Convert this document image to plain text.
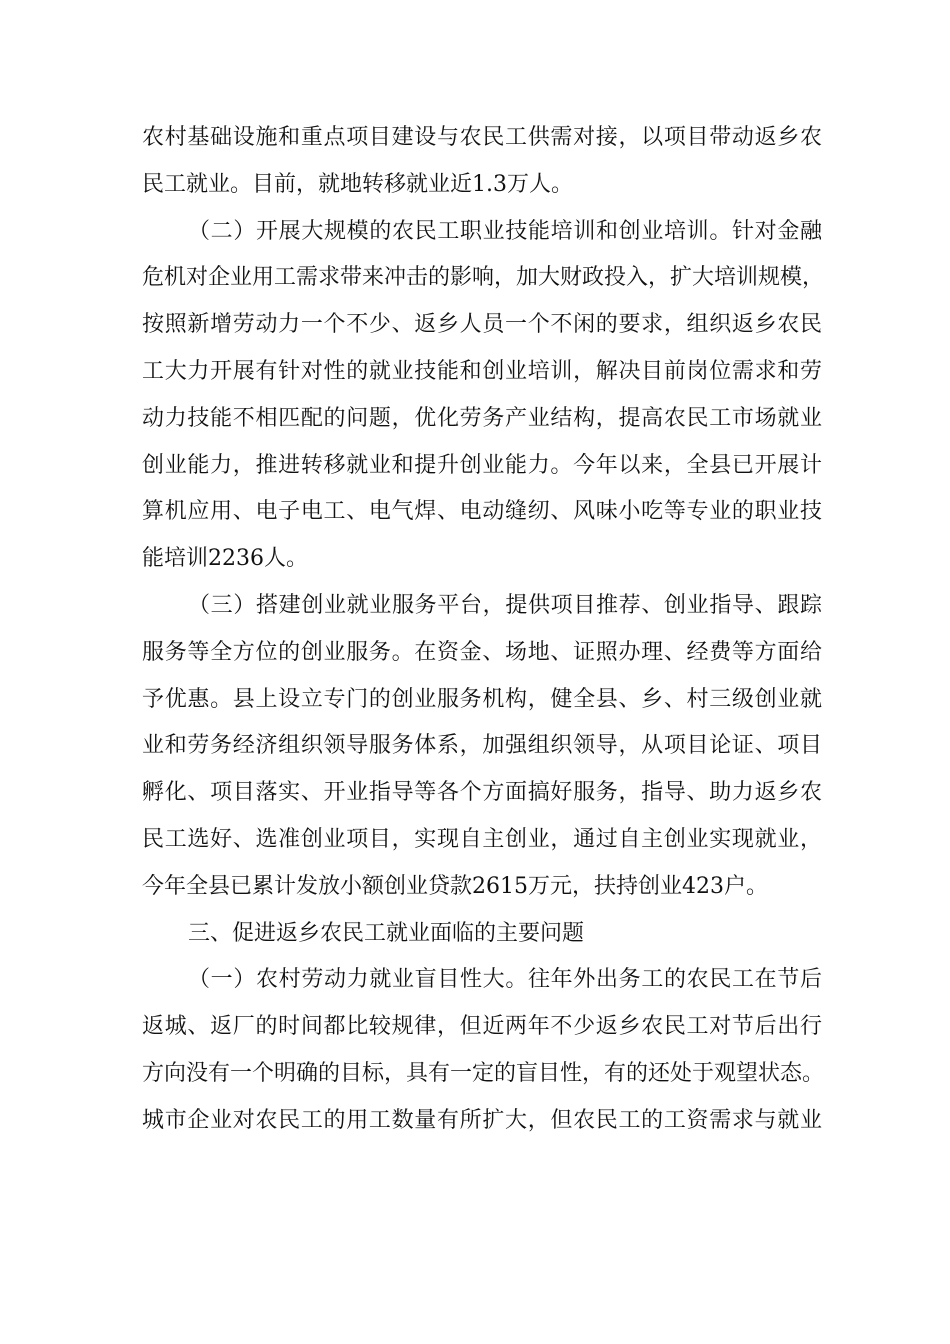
农村基础设施和重点项目建设与农民工供需对接，以项目带动返乡农
民工就业。目前，就地转移就业近1.3万人。
（二）开展大规模的农民工职业技能培训和创业培训。针对金融
危机对企业用工需求带来冲击的影响，加大财政投入，扩大培训规模，
按照新增劳动力一个不少、返乡人员一个不闲的要求，组织返乡农民
工大力开展有针对性的就业技能和创业培训，解决目前岗位需求和劳
动力技能不相匹配的问题，优化劳务产业结构，提高农民工市场就业
创业能力，推进转移就业和提升创业能力。今年以来，全县已开展计
算机应用、电子电工、电气焊、电动缝纫、风味小吃等专业的职业技
能培训2236人。
（三）搭建创业就业服务平台，提供项目推荐、创业指导、跟踪
服务等全方位的创业服务。在资金、场地、证照办理、经费等方面给
予优惠。县上设立专门的创业服务机构，健全县、乡、村三级创业就
业和劳务经济组织领导服务体系，加强组织领导，从项目论证、项目
孵化、项目落实、开业指导等各个方面搞好服务，指导、助力返乡农
民工选好、选准创业项目，实现自主创业，通过自主创业实现就业，
今年全县已累计发放小额创业贷款2615万元，扶持创业423户。
三、促进返乡农民工就业面临的主要问题
（一）农村劳动力就业盲目性大。往年外出务工的农民工在节后
返城、返厂的时间都比较规律，但近两年不少返乡农民工对节后出行
方向没有一个明确的目标，具有一定的盲目性，有的还处于观望状态。
城市企业对农民工的用工数量有所扩大，但农民工的工资需求与就业
